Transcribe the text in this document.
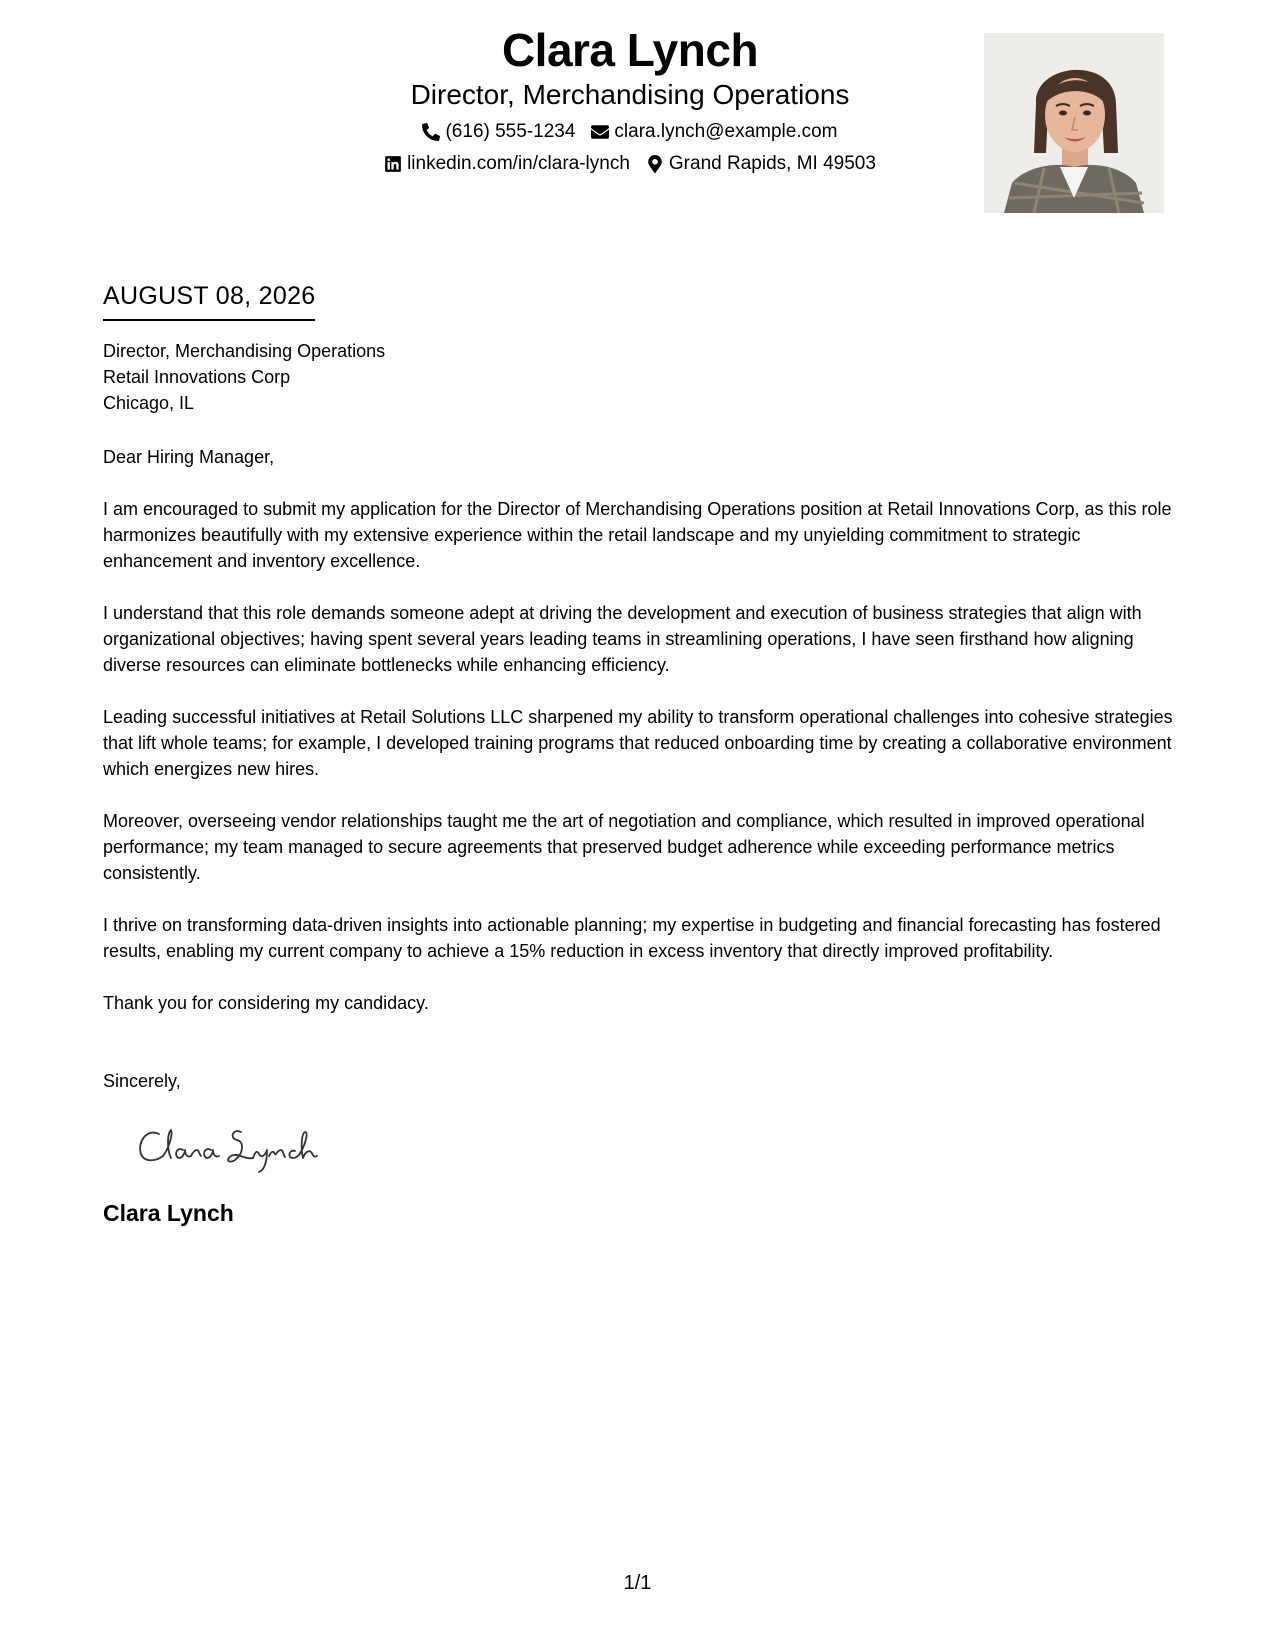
Clara Lynch
Director, Merchandising Operations
(616) 555-1234 clara.lynch@example.com
linkedin.com/in/clara-lynch Grand Rapids, MI 49503
AUGUST 08, 2026
Director, Merchandising Operations
Retail Innovations Corp
Chicago, IL
Dear Hiring Manager,
I am encouraged to submit my application for the Director of Merchandising Operations position at Retail Innovations Corp, as this role harmonizes beautifully with my extensive experience within the retail landscape and my unyielding commitment to strategic enhancement and inventory excellence.
I understand that this role demands someone adept at driving the development and execution of business strategies that align with organizational objectives; having spent several years leading teams in streamlining operations, I have seen firsthand how aligning diverse resources can eliminate bottlenecks while enhancing efficiency.
Leading successful initiatives at Retail Solutions LLC sharpened my ability to transform operational challenges into cohesive strategies that lift whole teams; for example, I developed training programs that reduced onboarding time by creating a collaborative environment which energizes new hires.
Moreover, overseeing vendor relationships taught me the art of negotiation and compliance, which resulted in improved operational performance; my team managed to secure agreements that preserved budget adherence while exceeding performance metrics consistently.
I thrive on transforming data-driven insights into actionable planning; my expertise in budgeting and financial forecasting has fostered results, enabling my current company to achieve a 15% reduction in excess inventory that directly improved profitability.
Thank you for considering my candidacy.
Sincerely,
Clara Lynch
1/1
